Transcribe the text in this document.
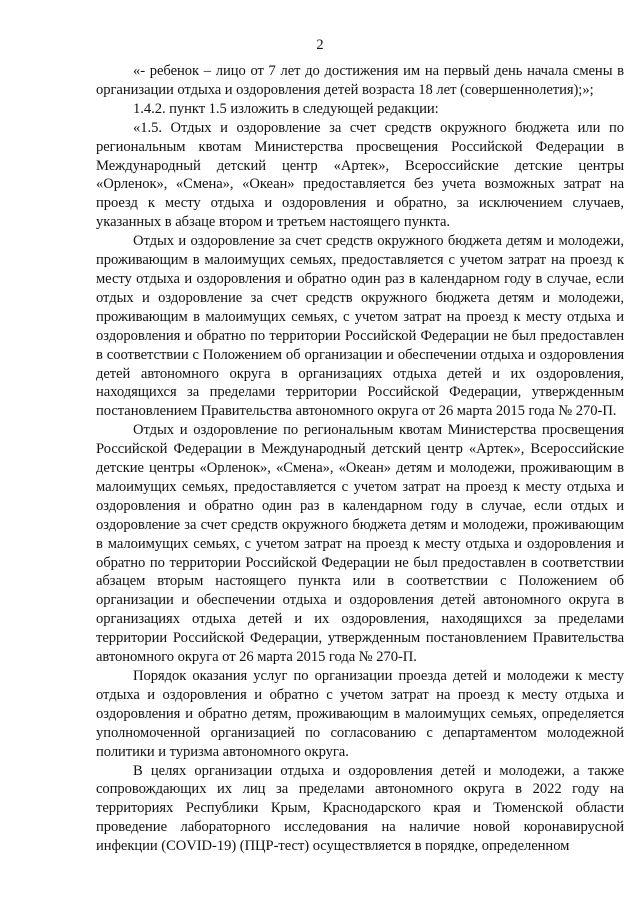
2

«- ребенок – лицо от 7 лет до достижения им на первый день начала смены в организации отдыха и оздоровления детей возраста 18 лет (совершеннолетия);»;

1.4.2. пункт 1.5 изложить в следующей редакции:

«1.5. Отдых и оздоровление за счет средств окружного бюджета или по региональным квотам Министерства просвещения Российской Федерации в Международный детский центр «Артек», Всероссийские детские центры «Орленок», «Смена», «Океан» предоставляется без учета возможных затрат на проезд к месту отдыха и оздоровления и обратно, за исключением случаев, указанных в абзаце втором и третьем настоящего пункта.

Отдых и оздоровление за счет средств окружного бюджета детям и молодежи, проживающим в малоимущих семьях, предоставляется с учетом затрат на проезд к месту отдыха и оздоровления и обратно один раз в календарном году в случае, если отдых и оздоровление за счет средств окружного бюджета детям и молодежи, проживающим в малоимущих семьях, с учетом затрат на проезд к месту отдыха и оздоровления и обратно по территории Российской Федерации не был предоставлен в соответствии с Положением об организации и обеспечении отдыха и оздоровления детей автономного округа в организациях отдыха детей и их оздоровления, находящихся за пределами территории Российской Федерации, утвержденным постановлением Правительства автономного округа от 26 марта 2015 года № 270-П.

Отдых и оздоровление по региональным квотам Министерства просвещения Российской Федерации в Международный детский центр «Артек», Всероссийские детские центры «Орленок», «Смена», «Океан» детям и молодежи, проживающим в малоимущих семьях, предоставляется с учетом затрат на проезд к месту отдыха и оздоровления и обратно один раз в календарном году в случае, если отдых и оздоровление за счет средств окружного бюджета детям и молодежи, проживающим в малоимущих семьях, с учетом затрат на проезд к месту отдыха и оздоровления и обратно по территории Российской Федерации не был предоставлен в соответствии абзацем вторым настоящего пункта или в соответствии с Положением об организации и обеспечении отдыха и оздоровления детей автономного округа в организациях отдыха детей и их оздоровления, находящихся за пределами территории Российской Федерации, утвержденным постановлением Правительства автономного округа от 26 марта 2015 года № 270-П.

Порядок оказания услуг по организации проезда детей и молодежи к месту отдыха и оздоровления и обратно с учетом затрат на проезд к месту отдыха и оздоровления и обратно детям, проживающим в малоимущих семьях, определяется уполномоченной организацией по согласованию с департаментом молодежной политики и туризма автономного округа.

В целях организации отдыха и оздоровления детей и молодежи, а также сопровождающих их лиц за пределами автономного округа в 2022 году на территориях Республики Крым, Краснодарского края и Тюменской области проведение лабораторного исследования на наличие новой коронавирусной инфекции (COVID-19) (ПЦР-тест) осуществляется в порядке, определенном
